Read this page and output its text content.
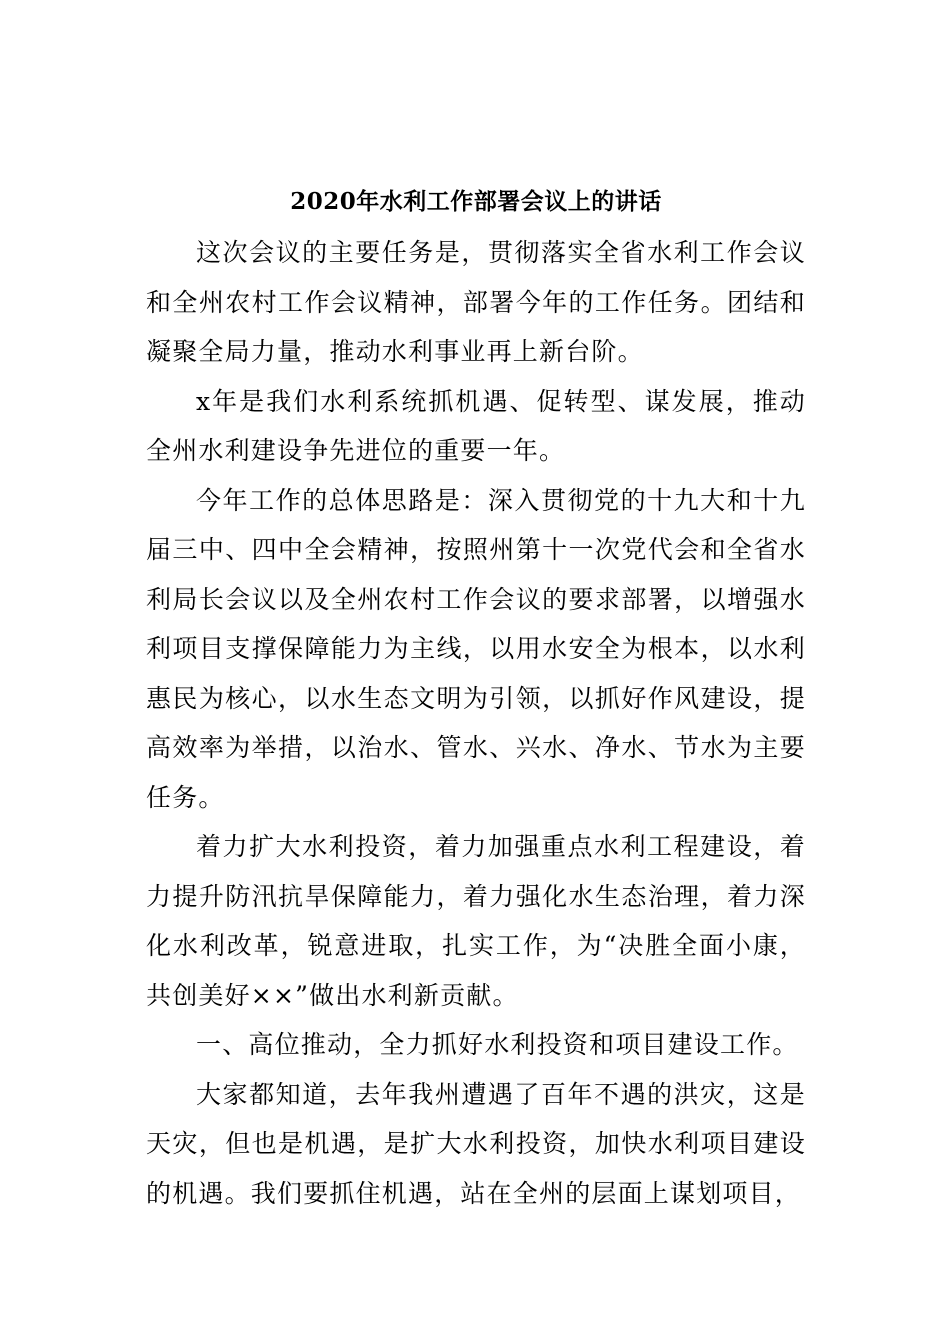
2020年水利工作部署会议上的讲话

这次会议的主要任务是，贯彻落实全省水利工作会议和全州农村工作会议精神，部署今年的工作任务。团结和凝聚全局力量，推动水利事业再上新台阶。

x年是我们水利系统抓机遇、促转型、谋发展，推动全州水利建设争先进位的重要一年。

今年工作的总体思路是：深入贯彻党的十九大和十九届三中、四中全会精神，按照州第十一次党代会和全省水利局长会议以及全州农村工作会议的要求部署，以增强水利项目支撑保障能力为主线，以用水安全为根本，以水利惠民为核心，以水生态文明为引领，以抓好作风建设，提高效率为举措，以治水、管水、兴水、净水、节水为主要任务。

着力扩大水利投资，着力加强重点水利工程建设，着力提升防汛抗旱保障能力，着力强化水生态治理，着力深化水利改革，锐意进取，扎实工作，为“决胜全面小康，共创美好××”做出水利新贡献。

一、高位推动，全力抓好水利投资和项目建设工作。

大家都知道，去年我州遭遇了百年不遇的洪灾，这是天灾，但也是机遇，是扩大水利投资，加快水利项目建设的机遇。我们要抓住机遇，站在全州的层面上谋划项目，
